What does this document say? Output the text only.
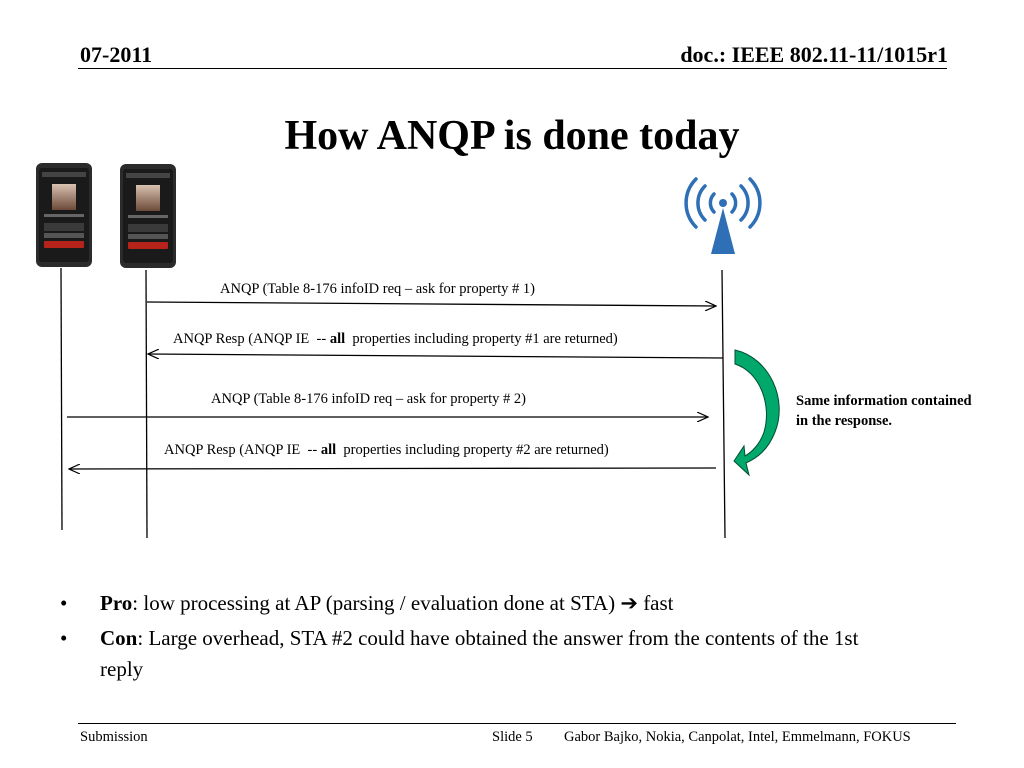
07-2011	doc.: IEEE 802.11-11/1015r1
How ANQP is done today
ANQP (Table 8-176 infoID req – ask for property # 1)
ANQP Resp (ANQP IE  -- all  properties including property #1 are returned)
ANQP (Table 8-176 infoID req – ask for property # 2)
ANQP Resp (ANQP IE  -- all  properties including property #2 are returned)
Same information contained
in the response.
• Pro: low processing at AP (parsing / evaluation done at STA) ➔ fast
• Con: Large overhead, STA #2 could have obtained the answer from the contents of the 1st reply
Submission	Slide 5 Gabor Bajko, Nokia, Canpolat, Intel, Emmelmann, FOKUS
